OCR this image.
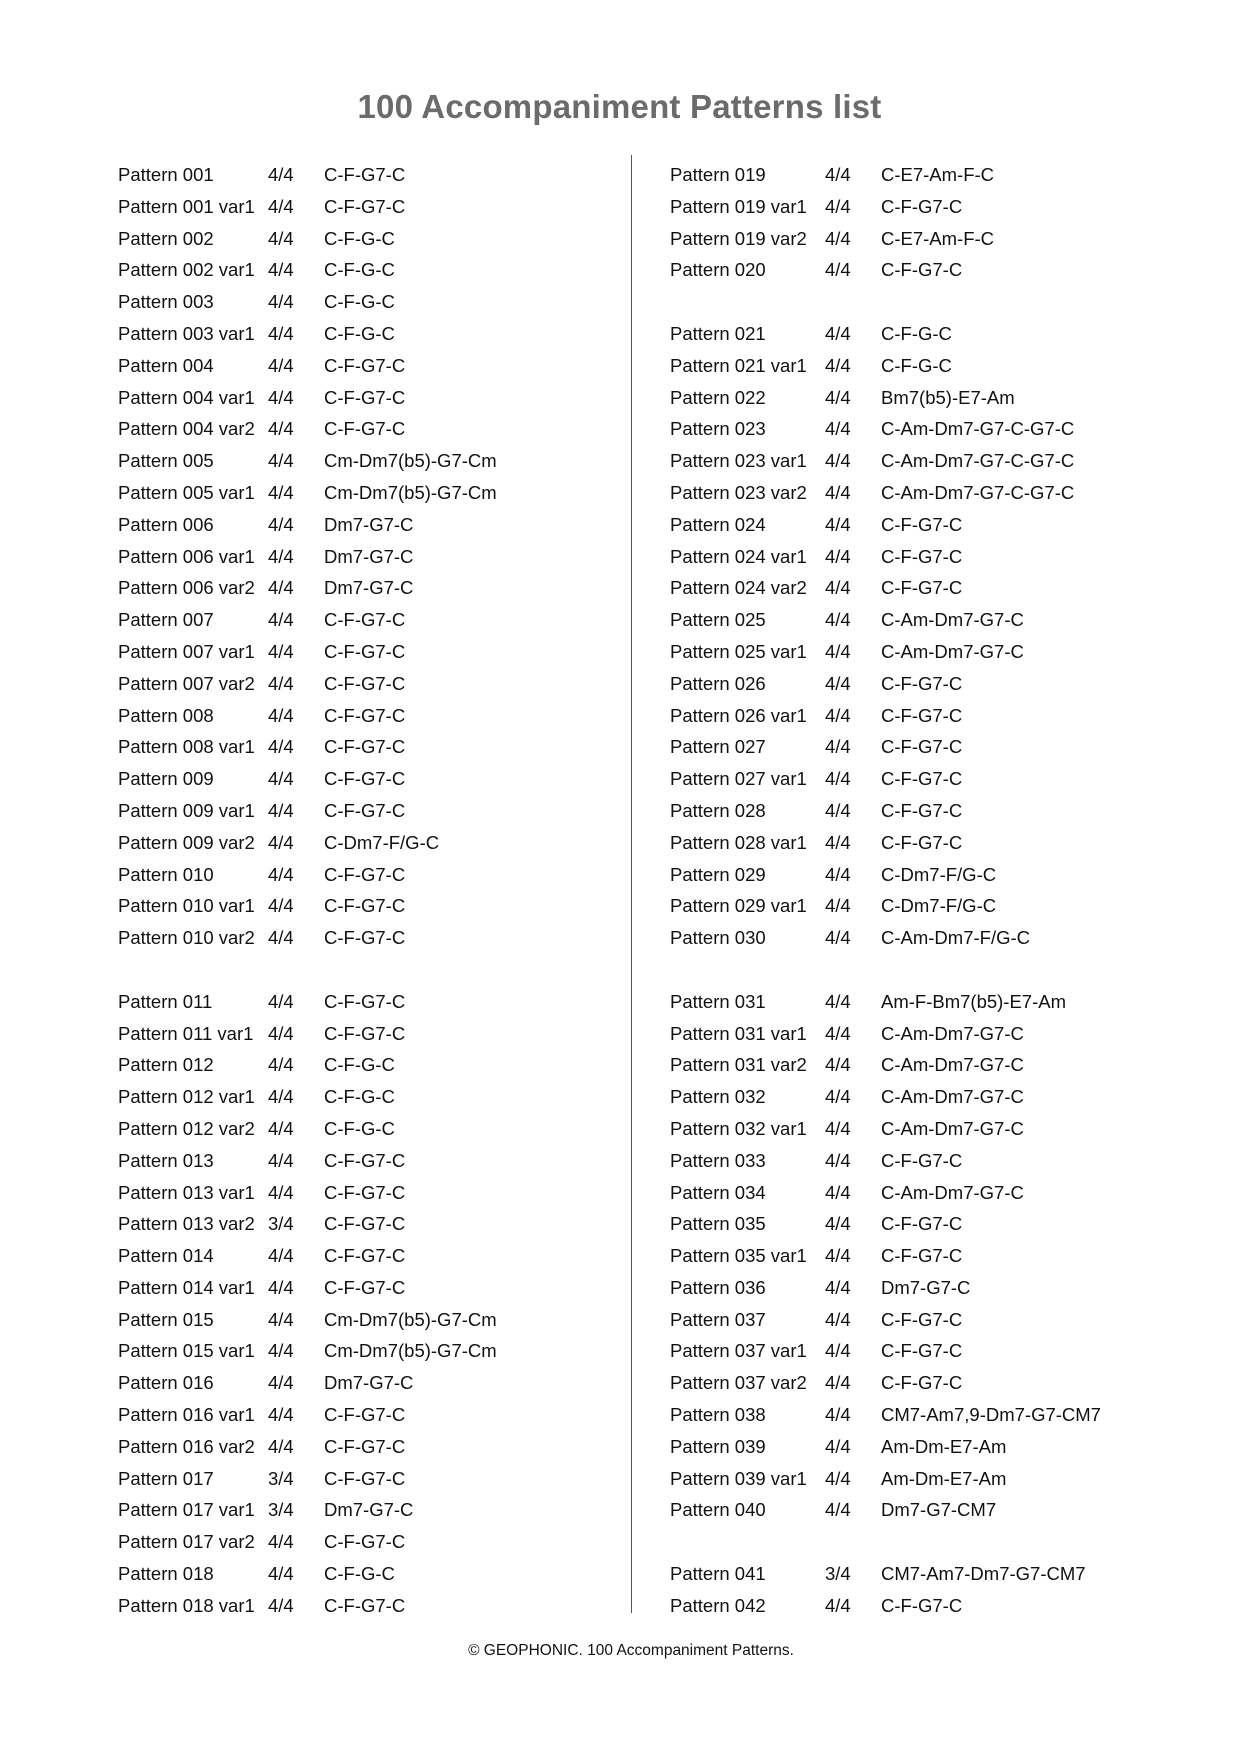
100 Accompaniment Patterns list
Pattern 001	4/4 C-F-G7-C
Pattern 001 var1 4/4 C-F-G7-C
Pattern 002	4/4 C-F-G-C
Pattern 002 var1 4/4 C-F-G-C
Pattern 003	4/4 C-F-G-C
Pattern 003 var1 4/4 C-F-G-C
Pattern 004	4/4 C-F-G7-C
Pattern 004 var1 4/4 C-F-G7-C
Pattern 004 var2 4/4 C-F-G7-C
Pattern 005	4/4 Cm-Dm7(b5)-G7-Cm
Pattern 005 var1 4/4 Cm-Dm7(b5)-G7-Cm
Pattern 006	4/4 Dm7-G7-C
Pattern 006 var1 4/4 Dm7-G7-C
Pattern 006 var2 4/4 Dm7-G7-C
Pattern 007	4/4 C-F-G7-C
Pattern 007 var1 4/4 C-F-G7-C
Pattern 007 var2 4/4 C-F-G7-C
Pattern 008	4/4 C-F-G7-C
Pattern 008 var1 4/4 C-F-G7-C
Pattern 009	4/4 C-F-G7-C
Pattern 009 var1 4/4 C-F-G7-C
Pattern 009 var2 4/4 C-Dm7-F/G-C
Pattern 010	4/4 C-F-G7-C
Pattern 010 var1 4/4 C-F-G7-C
Pattern 010 var2 4/4 C-F-G7-C
Pattern 011	4/4 C-F-G7-C
Pattern 011 var1 4/4 C-F-G7-C
Pattern 012	4/4 C-F-G-C
Pattern 012 var1 4/4 C-F-G-C
Pattern 012 var2 4/4 C-F-G-C
Pattern 013	4/4 C-F-G7-C
Pattern 013 var1 4/4 C-F-G7-C
Pattern 013 var2 3/4 C-F-G7-C
Pattern 014	4/4 C-F-G7-C
Pattern 014 var1 4/4 C-F-G7-C
Pattern 015	4/4 Cm-Dm7(b5)-G7-Cm
Pattern 015 var1 4/4 Cm-Dm7(b5)-G7-Cm
Pattern 016	4/4 Dm7-G7-C
Pattern 016 var1 4/4 C-F-G7-C
Pattern 016 var2 4/4 C-F-G7-C
Pattern 017	3/4 C-F-G7-C
Pattern 017 var1 3/4 Dm7-G7-C
Pattern 017 var2 4/4 C-F-G7-C
Pattern 018	4/4 C-F-G-C
Pattern 018 var1 4/4 C-F-G7-C
Pattern 019	4/4 C-E7-Am-F-C
Pattern 019 var1 4/4 C-F-G7-C
Pattern 019 var2 4/4 C-E7-Am-F-C
Pattern 020	4/4 C-F-G7-C
Pattern 021	4/4 C-F-G-C
Pattern 021 var1 4/4 C-F-G-C
Pattern 022	4/4 Bm7(b5)-E7-Am
Pattern 023	4/4 C-Am-Dm7-G7-C-G7-C
Pattern 023 var1 4/4 C-Am-Dm7-G7-C-G7-C
Pattern 023 var2 4/4 C-Am-Dm7-G7-C-G7-C
Pattern 024	4/4 C-F-G7-C
Pattern 024 var1 4/4 C-F-G7-C
Pattern 024 var2 4/4 C-F-G7-C
Pattern 025	4/4 C-Am-Dm7-G7-C
Pattern 025 var1 4/4 C-Am-Dm7-G7-C
Pattern 026	4/4 C-F-G7-C
Pattern 026 var1 4/4 C-F-G7-C
Pattern 027	4/4 C-F-G7-C
Pattern 027 var1 4/4 C-F-G7-C
Pattern 028	4/4 C-F-G7-C
Pattern 028 var1 4/4 C-F-G7-C
Pattern 029	4/4 C-Dm7-F/G-C
Pattern 029 var1 4/4 C-Dm7-F/G-C
Pattern 030	4/4 C-Am-Dm7-F/G-C
Pattern 031	4/4 Am-F-Bm7(b5)-E7-Am
Pattern 031 var1 4/4 C-Am-Dm7-G7-C
Pattern 031 var2 4/4 C-Am-Dm7-G7-C
Pattern 032	4/4 C-Am-Dm7-G7-C
Pattern 032 var1 4/4 C-Am-Dm7-G7-C
Pattern 033	4/4 C-F-G7-C
Pattern 034	4/4 C-Am-Dm7-G7-C
Pattern 035	4/4 C-F-G7-C
Pattern 035 var1 4/4 C-F-G7-C
Pattern 036	4/4 Dm7-G7-C
Pattern 037	4/4 C-F-G7-C
Pattern 037 var1 4/4 C-F-G7-C
Pattern 037 var2 4/4 C-F-G7-C
Pattern 038	4/4 CM7-Am7,9-Dm7-G7-CM7
Pattern 039	4/4 Am-Dm-E7-Am
Pattern 039 var1 4/4 Am-Dm-E7-Am
Pattern 040	4/4 Dm7-G7-CM7
Pattern 041	3/4 CM7-Am7-Dm7-G7-CM7
Pattern 042	4/4 C-F-G7-C
© GEOPHONIC. 100 Accompaniment Patterns.
